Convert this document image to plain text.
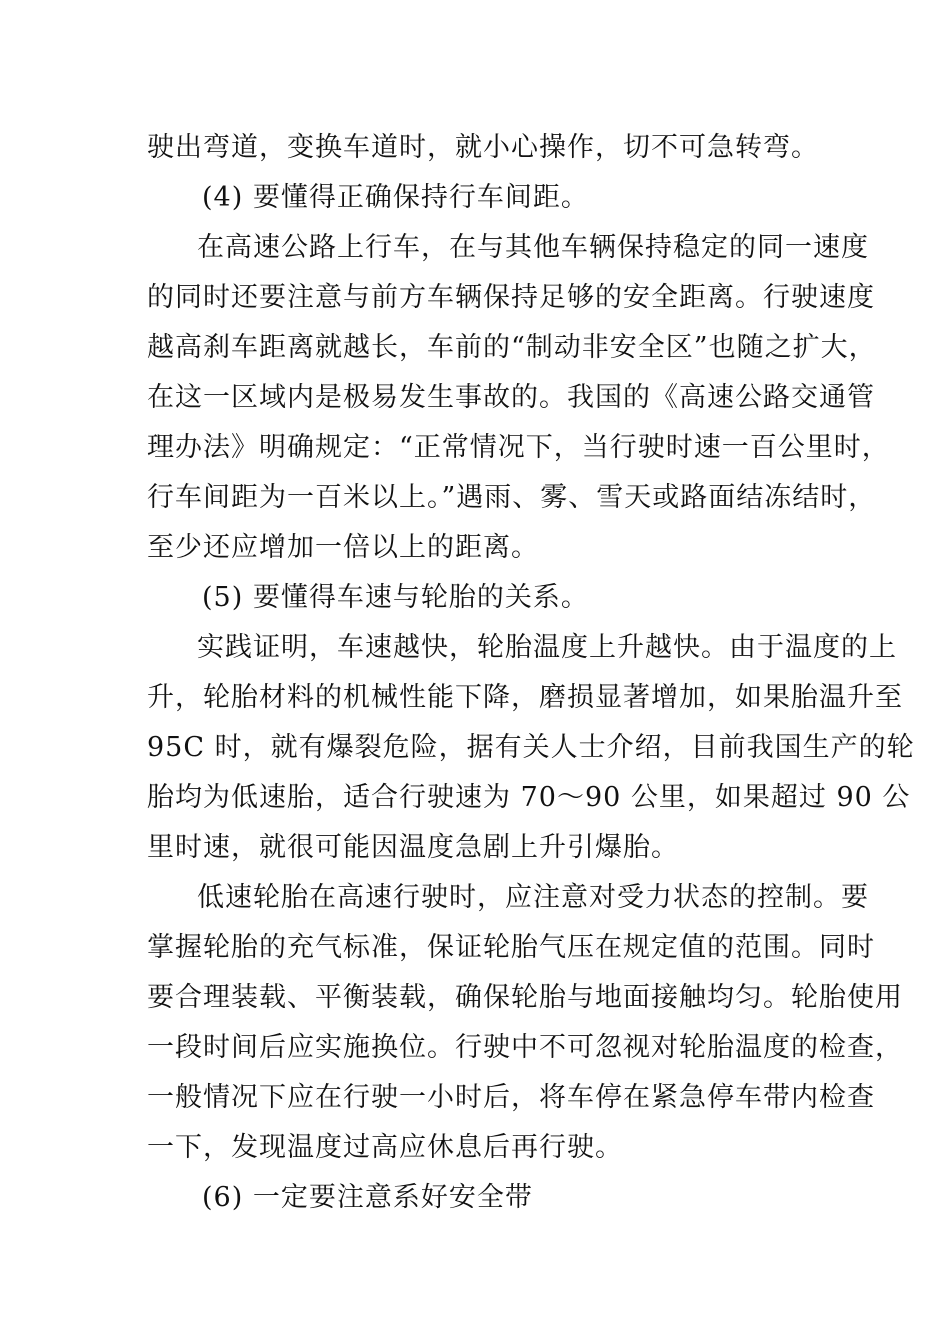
驶出弯道，变换车道时，就小心操作，切不可急转弯。
(4) 要懂得正确保持行车间距。
在高速公路上行车，在与其他车辆保持稳定的同一速度
的同时还要注意与前方车辆保持足够的安全距离。行驶速度
越高刹车距离就越长，车前的“制动非安全区”也随之扩大，
在这一区域内是极易发生事故的。我国的《高速公路交通管
理办法》明确规定：“正常情况下，当行驶时速一百公里时，
行车间距为一百米以上。”遇雨、雾、雪天或路面结冻结时，
至少还应增加一倍以上的距离。
(5) 要懂得车速与轮胎的关系。
实践证明，车速越快，轮胎温度上升越快。由于温度的上
升，轮胎材料的机械性能下降，磨损显著增加，如果胎温升至
95C 时，就有爆裂危险，据有关人士介绍，目前我国生产的轮
胎均为低速胎，适合行驶速为 70～90 公里，如果超过 90 公
里时速，就很可能因温度急剧上升引爆胎。
低速轮胎在高速行驶时，应注意对受力状态的控制。要
掌握轮胎的充气标准，保证轮胎气压在规定值的范围。同时
要合理装载、平衡装载，确保轮胎与地面接触均匀。轮胎使用
一段时间后应实施换位。行驶中不可忽视对轮胎温度的检查，
一般情况下应在行驶一小时后，将车停在紧急停车带内检查
一下，发现温度过高应休息后再行驶。
(6) 一定要注意系好安全带
